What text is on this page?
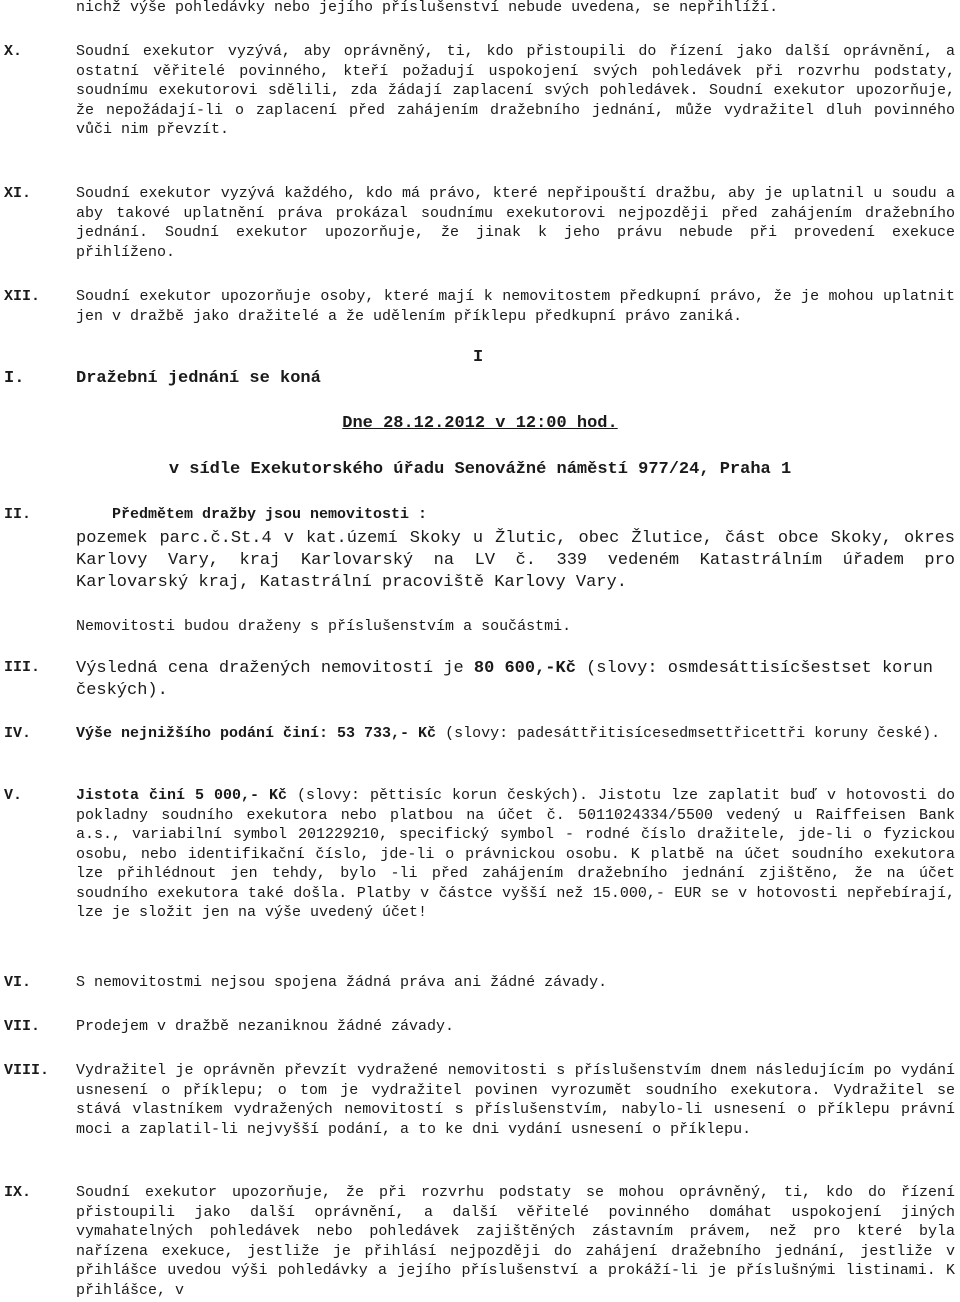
nichž výše pohledávky nebo jejího příslušenství nebude uvedena, se nepřihlíží.
X.	Soudní exekutor vyzývá, aby oprávněný, ti, kdo přistoupili do řízení jako další oprávnění, a ostatní věřitelé povinného, kteří požadují uspokojení svých pohledávek při rozvrhu podstaty, soudnímu exekutorovi sdělili, zda žádají zaplacení svých pohledávek. Soudní exekutor upozorňuje, že nepožádají-li o zaplacení před zahájením dražebního jednání, může vydražitel dluh povinného vůči nim převzít.
XI.	Soudní exekutor vyzývá každého, kdo má právo, které nepřipouští dražbu, aby je uplatnil u soudu a aby takové uplatnění práva prokázal soudnímu exekutorovi nejpozději před zahájením dražebního jednání. Soudní exekutor upozorňuje, že jinak k jeho právu nebude při provedení exekuce přihlíženo.
XII. Soudní exekutor upozorňuje osoby, které mají k nemovitostem předkupní právo, že je mohou uplatnit jen v dražbě jako dražitelé a že udělením příklepu předkupní právo zaniká.
I
I.	Dražební jednání se koná
Dne 28.12.2012 v 12:00 hod.
v sídle Exekutorského úřadu Senovážné náměstí 977/24, Praha 1
II.	Předmětem dražby jsou nemovitosti :
pozemek parc.č.St.4 v kat.území Skoky u Žlutic, obec Žlutice, část obce Skoky, okres Karlovy Vary, kraj Karlovarský na LV č. 339 vedeném Katastrálním úřadem pro Karlovarský kraj, Katastrální pracoviště Karlovy Vary.
Nemovitosti budou draženy s příslušenstvím a součástmi.
III. Výsledná cena dražených nemovitostí je 80 600,-Kč (slovy: osmdesáttisícšestset korun českých).
IV.	Výše nejnižšího podání činí: 53 733,- Kč (slovy: padesáttřitisícesedmsettřicettři koruny české).
V.	Jistota činí 5 000,- Kč (slovy: pěttisíc korun českých). Jistotu lze zaplatit buď v hotovosti do pokladny soudního exekutora nebo platbou na účet č. 5011024334/5500 vedený u Raiffeisen Bank a.s., variabilní symbol 201229210, specifický symbol - rodné číslo dražitele, jde-li o fyzickou osobu, nebo identifikační číslo, jde-li o právnickou osobu. K platbě na účet soudního exekutora lze přihlédnout jen tehdy, bylo -li před zahájením dražebního jednání zjištěno, že na účet soudního exekutora také došla. Platby v částce vyšší než 15.000,- EUR se v hotovosti nepřebírají, lze je složit jen na výše uvedený účet!
VI.	S nemovitostmi nejsou spojena žádná práva ani žádné závady.
VII. Prodejem v dražbě nezaniknou žádné závady.
VIII. Vydražitel je oprávněn převzít vydražené nemovitosti s příslušenstvím dnem následujícím po vydání usnesení o příklepu; o tom je vydražitel povinen vyrozumět soudního exekutora. Vydražitel se stává vlastníkem vydražených nemovitostí s příslušenstvím, nabylo-li usnesení o příklepu právní moci a zaplatil-li nejvyšší podání, a to ke dni vydání usnesení o příklepu.
IX.	Soudní exekutor upozorňuje, že při rozvrhu podstaty se mohou oprávněný, ti, kdo do řízení přistoupili jako další oprávnění, a další věřitelé povinného domáhat uspokojení jiných vymahatelných pohledávek nebo pohledávek zajištěných zástavním právem, než pro které byla nařízena exekuce, jestliže je přihlásí nejpozději do zahájení dražebního jednání, jestliže v přihlášce uvedou výši pohledávky a jejího příslušenství a prokáží-li je příslušnými listinami. K přihlášce, v
